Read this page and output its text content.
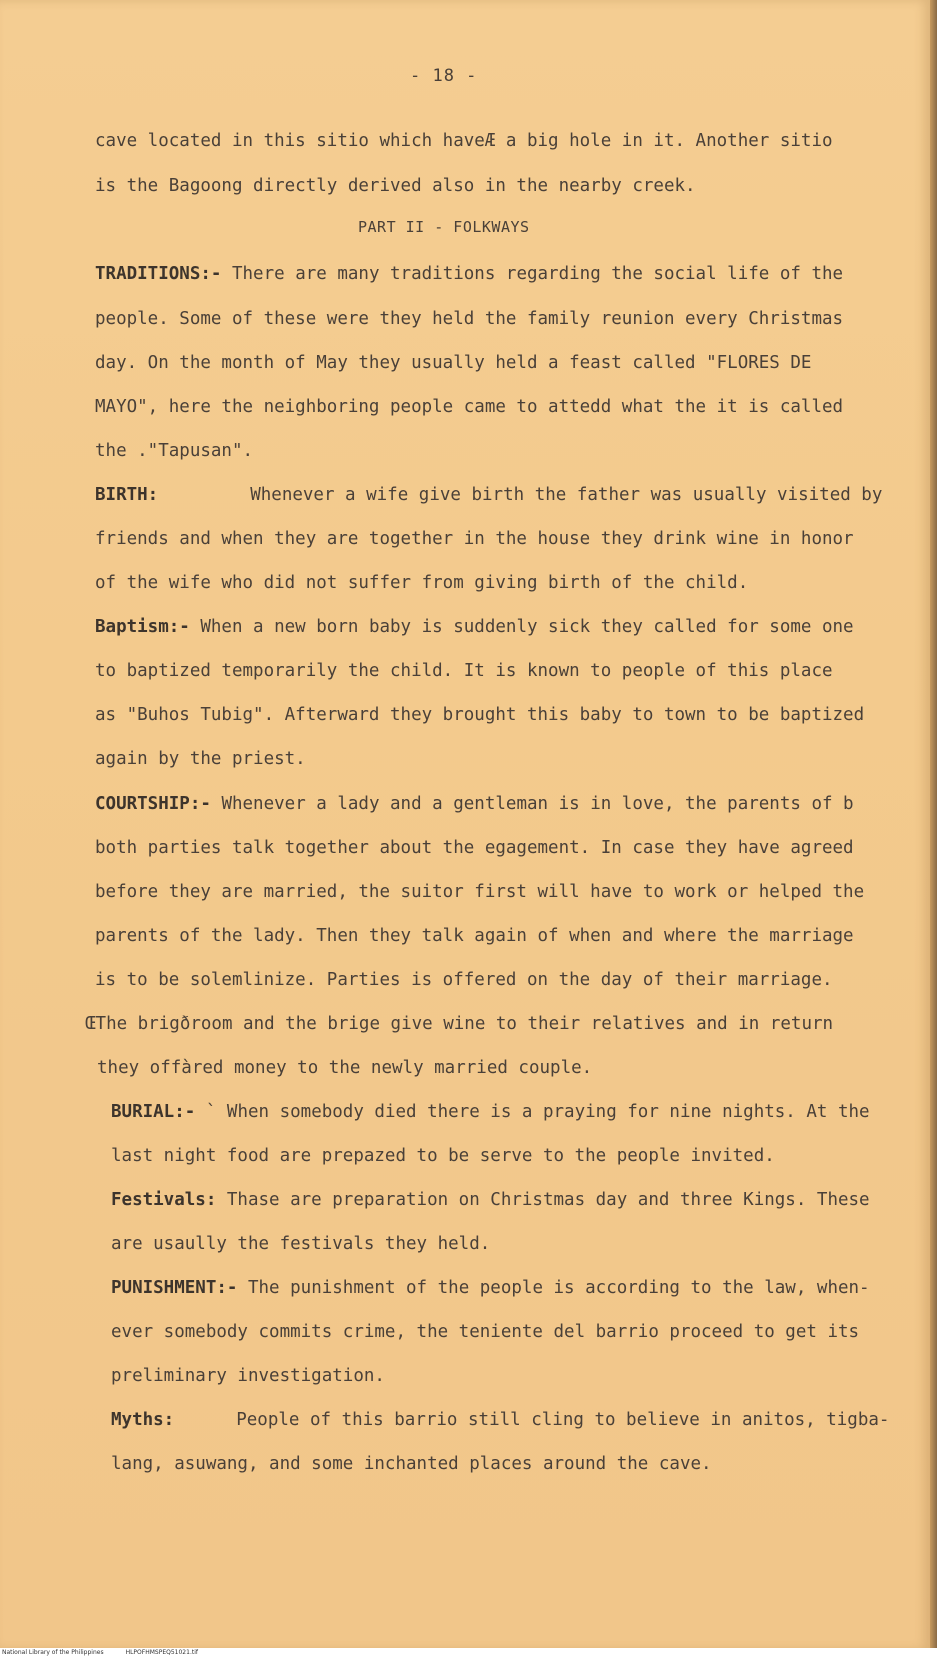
- 18 -
cave located in this sitio which haveÆ a big hole in it. Another sitio
is the Bagoong directly derived also in the nearby creek.
PART II - FOLKWAYS
TRADITIONS:- There are many traditions regarding the social life of the
people. Some of these were they held the family reunion every Christmas
day. On the month of May they usually held a feast called "FLORES DE
MAYO", here the neighboring people came to attedd what the it is called
the ."Tapusan".
BIRTH:	Whenever a wife give birth the father was usually visited by
friends and when they are together in the house they drink wine in honor
of the wife who did not suffer from giving birth of the child.
Baptism:- When a new born baby is suddenly sick they called for some one
to baptized temporarily the child. It is known to people of this place
as "Buhos Tubig". Afterward they brought this baby to town to be baptized
again by the priest.
COURTSHIP:- Whenever a lady and a gentleman is in love, the parents of b
both parties talk together about the egagement. In case they have agreed
before they are married, the suitor first will have to work or helped the
parents of the lady. Then they talk again of when and where the marriage
is to be solemlinize. Parties is offered on the day of their marriage.
ŒThe brigðroom and the brige give wine to their relatives and in return
they offàred money to the newly married couple.
BURIAL:- ` When somebody died there is a praying for nine nights. At the
last night food are prepazed to be serve to the people invited.
Festivals: Thase are preparation on Christmas day and three Kings. These
are usaully the festivals they held.
PUNISHMENT:- The punishment of the people is according to the law, when-
ever somebody commits crime, the teniente del barrio proceed to get its
preliminary investigation.
Myths:	People of this barrio still cling to believe in anitos, tigba-
lang, asuwang, and some inchanted places around the cave.
National Library of the Philippines	HLPOFHMSPEQ51021.tif
